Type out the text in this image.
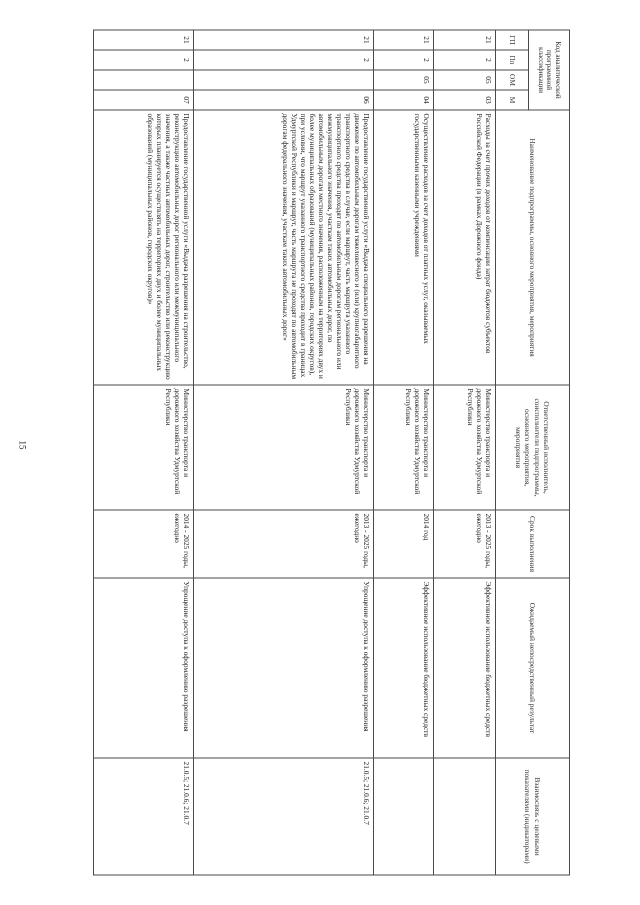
15
Код аналитической программной классификации				Наименование подпрограммы, основного мероприятия, мероприятия	Ответственный исполнитель, соисполнители подпрограммы, основного мероприятия, мероприятия	Срок выполнения	Ожидаемый непосредственный результат	Взаимосвязь с целевыми показателями (индикаторами)
ГП	Пп	ОМ	М					
21	2	05	03	Расходы за счет прочих доходов от компенсации затрат бюджетов субъектов Российской Федерации (в рамках Дорожного фонда)	Министерство транспорта и дорожного хозяйства Удмуртской Республики	2013 - 2025 годы, ежегодно	Эффективное использование бюджетных средств	
21	2	05	04	Осуществление расходов за счет доходов от платных услуг, оказываемых государственными казенными учреждениями	Министерство транспорта и дорожного хозяйства Удмуртской Республики	2014 год	Эффективное использование бюджетных средств	
21	2		06	Предоставление государственной услуги «Выдача специального разрешения на движение по автомобильным дорогам тяжеловесного и (или) крупногабаритного транспортного средства в случае, если маршрут, часть маршрута указанного транспортного средства проходят по автомобильным дорогам регионального или межмуниципального значения, участкам таких автомобильных дорог, по автомобильным дорогам местного значения, расположенным на территориях двух и более муниципальных образований (муниципальных районов, городских округов), при условии, что маршрут указанного транспортного средства проходит в границах Удмуртской Республики и маршрут, часть маршрута не проходят по автомобильным дорогам федерального значения, участкам таких автомобильных дорог»	Министерство транспорта и дорожного хозяйства Удмуртской Республики	2013 - 2025 годы, ежегодно	Упрощение доступа к оформлению разрешения	21.0.5; 21.0.6; 21.0.7
21	2		07	Предоставление государственной услуги «Выдача разрешения на строительство, реконструкцию автомобильных дорог регионального или межмуниципального значения, а также частных автомобильных дорог, строительство или реконструкцию которых планируется осуществлять на территориях двух и более муниципальных образований (муниципальных районов, городских округов)»	Министерство транспорта и дорожного хозяйства Удмуртской Республики	2014 - 2025 годы, ежегодно	Упрощение доступа к оформлению разрешения	21.0.5; 21.0.6; 21.0.7
